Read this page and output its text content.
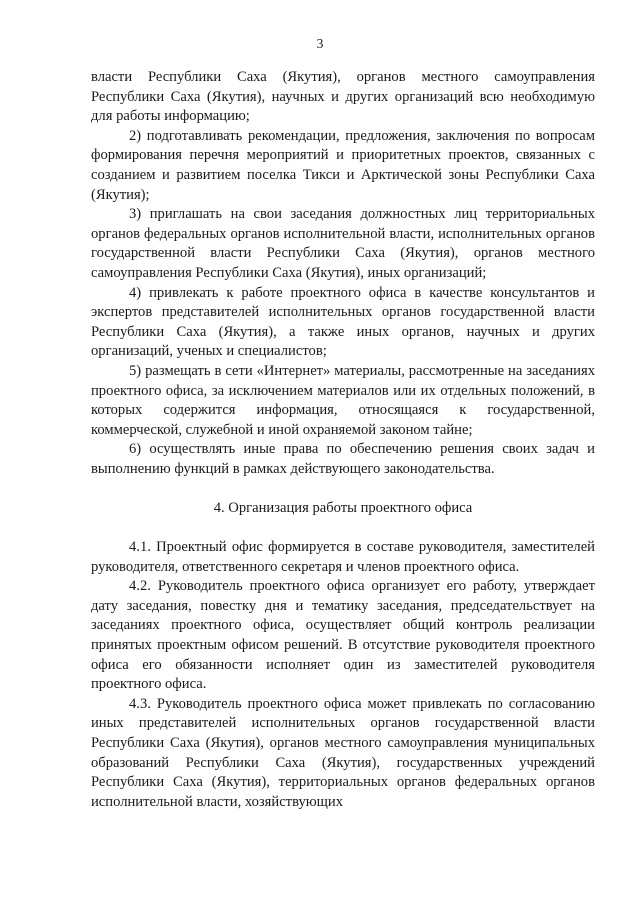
3

власти Республики Саха (Якутия), органов местного самоуправления Республики Саха (Якутия), научных и других организаций всю необходимую для работы информацию;

2) подготавливать рекомендации, предложения, заключения по вопросам формирования перечня мероприятий и приоритетных проектов, связанных с созданием и развитием поселка Тикси и Арктической зоны Республики Саха (Якутия);

3) приглашать на свои заседания должностных лиц территориальных органов федеральных органов исполнительной власти, исполнительных органов государственной власти Республики Саха (Якутия), органов местного самоуправления Республики Саха (Якутия), иных организаций;

4) привлекать к работе проектного офиса в качестве консультантов и экспертов представителей исполнительных органов государственной власти Республики Саха (Якутия), а также иных органов, научных и других организаций, ученых и специалистов;

5) размещать в сети «Интернет» материалы, рассмотренные на заседаниях проектного офиса, за исключением материалов или их отдельных положений, в которых содержится информация, относящаяся к государственной, коммерческой, служебной и иной охраняемой законом тайне;

6) осуществлять иные права по обеспечению решения своих задач и выполнению функций в рамках действующего законодательства.

4. Организация работы проектного офиса

4.1. Проектный офис формируется в составе руководителя, заместителей руководителя, ответственного секретаря и членов проектного офиса.

4.2. Руководитель проектного офиса организует его работу, утверждает дату заседания, повестку дня и тематику заседания, председательствует на заседаниях проектного офиса, осуществляет общий контроль реализации принятых проектным офисом решений. В отсутствие руководителя проектного офиса его обязанности исполняет один из заместителей руководителя проектного офиса.

4.3. Руководитель проектного офиса может привлекать по согласованию иных представителей исполнительных органов государственной власти Республики Саха (Якутия), органов местного самоуправления муниципальных образований Республики Саха (Якутия), государственных учреждений Республики Саха (Якутия), территориальных органов федеральных органов исполнительной власти, хозяйствующих
